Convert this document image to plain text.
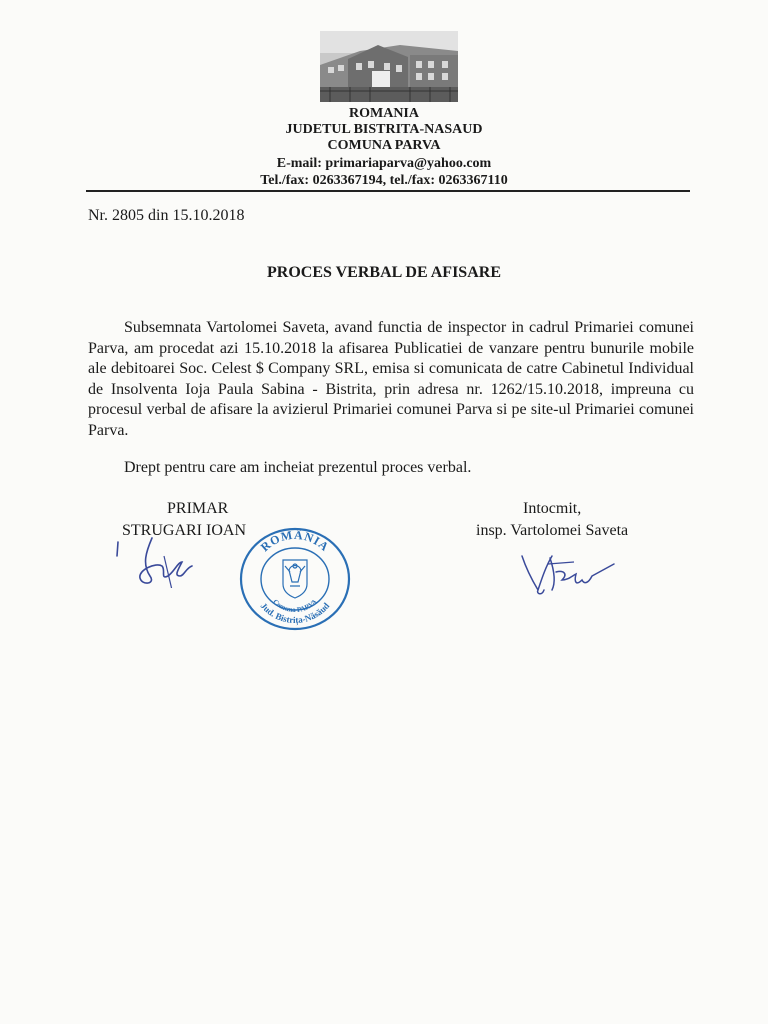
ROMANIA
JUDETUL BISTRITA-NASAUD
COMUNA PARVA
E-mail: primariaparva@yahoo.com
Tel./fax: 0263367194, tel./fax: 0263367110
Nr. 2805 din 15.10.2018
PROCES VERBAL DE AFISARE
Subsemnata Vartolomei Saveta, avand functia de inspector in cadrul Primariei comunei Parva, am procedat azi 15.10.2018 la afisarea Publicatiei de vanzare pentru bunurile mobile ale debitoarei Soc. Celest $ Company SRL, emisa si comunicata de catre Cabinetul Individual de Insolventa Ioja Paula Sabina - Bistrita, prin adresa nr. 1262/15.10.2018, impreuna cu procesul verbal de afisare la avizierul Primariei comunei Parva si pe site-ul Primariei comunei Parva.
Drept pentru care am incheiat prezentul proces verbal.
PRIMAR
STRUGARI IOAN
Intocmit,
insp. Vartolomei Saveta
ROMÂNIA
Jud. Bistrița-Năsăud
Comuna PARVA
